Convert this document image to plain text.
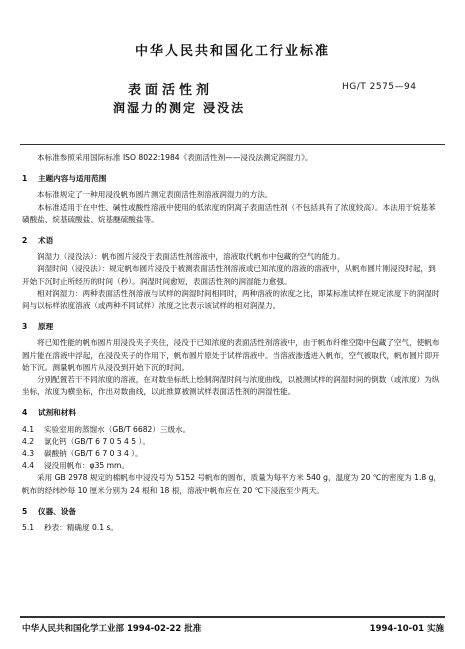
中华人民共和国化工行业标准
表面活性剂
润湿力的测定 浸没法
HG/T 2575—94

本标准参照采用国际标准 ISO 8022:1984《表面活性剂——浸没法测定润湿力》。

1 主题内容与适用范围

本标准规定了一种用浸没帆布圆片测定表面活性剂溶液润湿力的方法。

本标准适用于在中性、碱性或酸性溶液中使用的低浓度的阴离子表面活性剂（不包括具有了浓度较高）。本法用于烷基苯磺酸盐、烷基硫酸盐、烷基醚硫酸盐等。

2 术语

润湿力（浸没法）：帆布圆片浸没于表面活性剂溶液中，溶液取代帆布中包藏的空气的能力。

润湿时间（浸没法）：规定帆布圆片浸没于被测表面活性剂溶液或已知浓度的溶液的溶液中，从帆布圆片刚浸没时起，到开始下沉时止所经历的时间（秒）。润湿时间愈短，表面活性剂的润湿能力愈强。

相对润湿力：两种表面活性剂溶液与试样的润湿时间相同时，两种溶液的浓度之比，即某标准试样在规定浓度下的润湿时间与以标样浓度溶液（或两种不同试样）浓度之比表示该试样的相对润湿力。

3 原理

将已知性能的帆布圆片用浸没夹子夹住，浸没于已知浓度的表面活性剂溶液中，由于帆布纤维空隙中包藏了空气，使帆布圆片能在溶液中浮起，在浸没夹子的作用下，帆布圆片原处于试样溶液中。当溶液渗透进入帆布，空气被取代，帆布圆片即开始下沉。测量帆布圆片从浸没到开始下沉的时间。

分别配置若干不同浓度的溶液，在对数坐标纸上绘制润湿时间与浓度曲线，以被测试样的润湿时间的倒数（或浓度）为纵坐标，浓度为横坐标，作出对数曲线，以此推算被测试样表面活性剂的润湿性能。

4 试剂和材料
4.1 实验室用的蒸馏水（GB/T 6682）三级水。
4.2 氯化钙（GB/T 6 7 0 5 4 5 ）。
4.3 碳酸钠（GB/T 6 7 0 3 4 ）。
4.4 浸没用帆布：φ35 mm。

采用 GB 2978 规定的棉帆布中浸没号为 5152 号帆布的圆布，质量为每平方米 540 g，温度为 20 ℃的密度为 1.8 g，帆布的经纬纱每 10 厘米分别为 24 根和 18 根，溶液中帆布应在 20 ℃下浸泡至少两天。

5 仪器、设备
5.1 秒表：精确度 0.1 s。
中华人民共和国化学工业部 1994-02-22 批准	1994-10-01 实施
